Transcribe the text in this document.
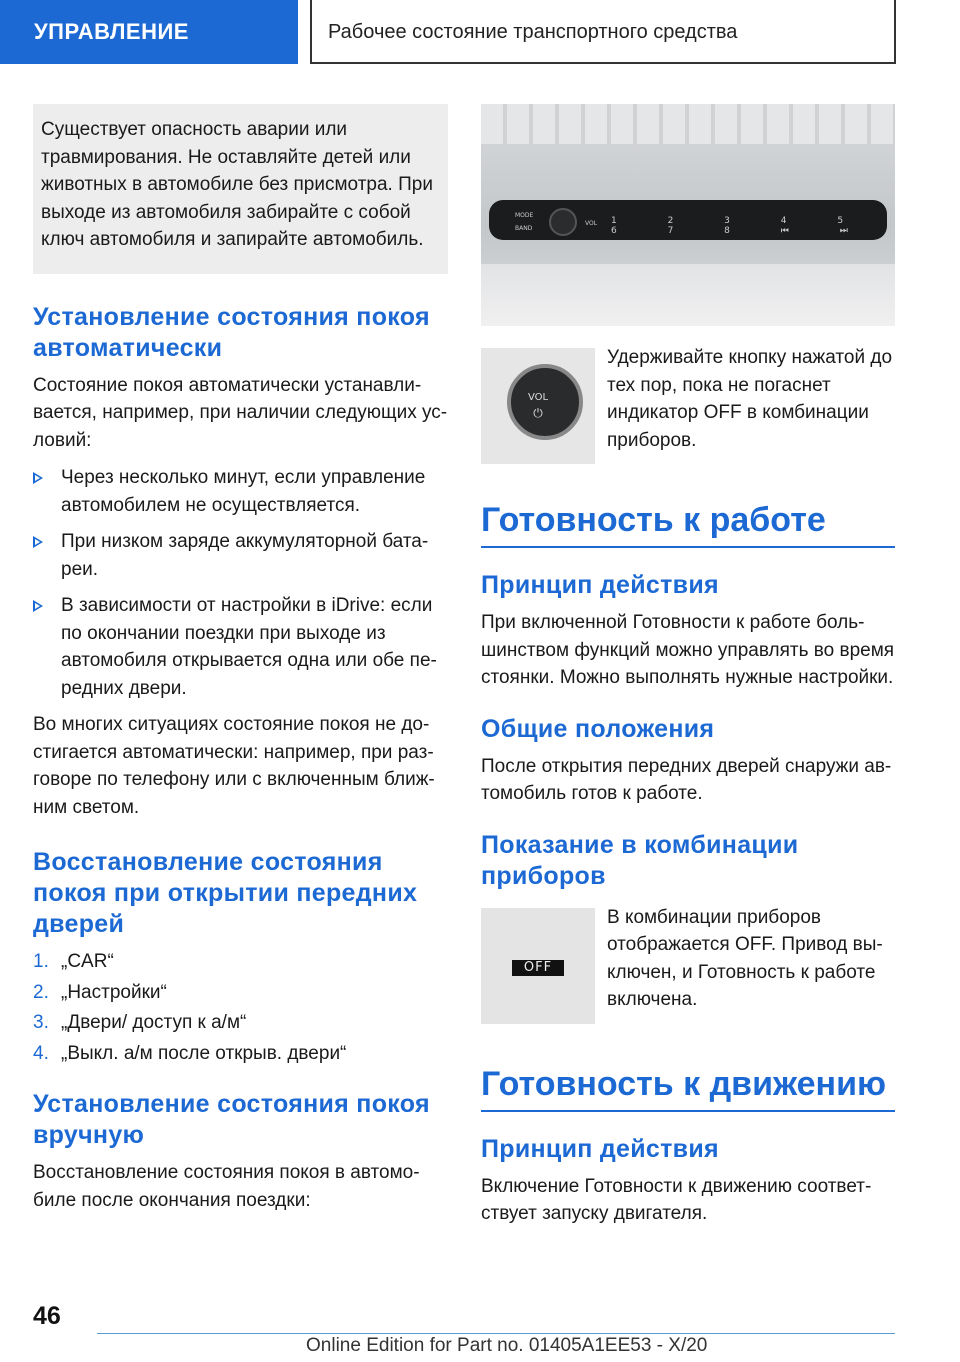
УПРАВЛЕНИЕ	Рабочее состояние транспортного средства

Существует опасность аварии или травмирования. Не оставляйте детей или животных в автомобиле без присмотра. При выходе из автомобиля забирайте с собой ключ автомобиля и запирайте автомобиль.

Установление состояния покоя автоматически

Состояние покоя автоматически устанавливается, например, при наличии следующих условий:

Через несколько минут, если управление автомобилем не осуществляется.
При низком заряде аккумуляторной батареи.
В зависимости от настройки в iDrive: если по окончании поездки при выходе из автомобиля открывается одна или обе передних двери.

Во многих ситуациях состояние покоя не достигается автоматически: например, при разговоре по телефону или с включенным ближним светом.

Восстановление состояния покоя при открытии передних дверей
1. „CAR“
2. „Настройки“
3. „Двери/ доступ к а/м“
4. „Выкл. а/м после открыв. двери“
Установление состояния покоя вручную

Восстановление состояния покоя в автомобиле после окончания поездки:

MODE
BAND
VOL 1 2 3 4 5 6 7 8 ⏮ ⏭
VOL
⏻

Удерживайте кнопку нажатой до тех пор, пока не погаснет индикатор OFF в комбинации приборов.

Готовность к работе
Принцип действия

При включенной Готовности к работе большинством функций можно управлять во время стоянки. Можно выполнять нужные настройки.

Общие положения

После открытия передних дверей снаружи автомобиль готов к работе.

Показание в комбинации приборов
OFF

В комбинации приборов отображается OFF. Привод выключен, и Готовность к работе включена.

Готовность к движению
Принцип действия

Включение Готовности к движению соответствует запуску двигателя.

46
Online Edition for Part no. 01405A1EE53 - X/20
